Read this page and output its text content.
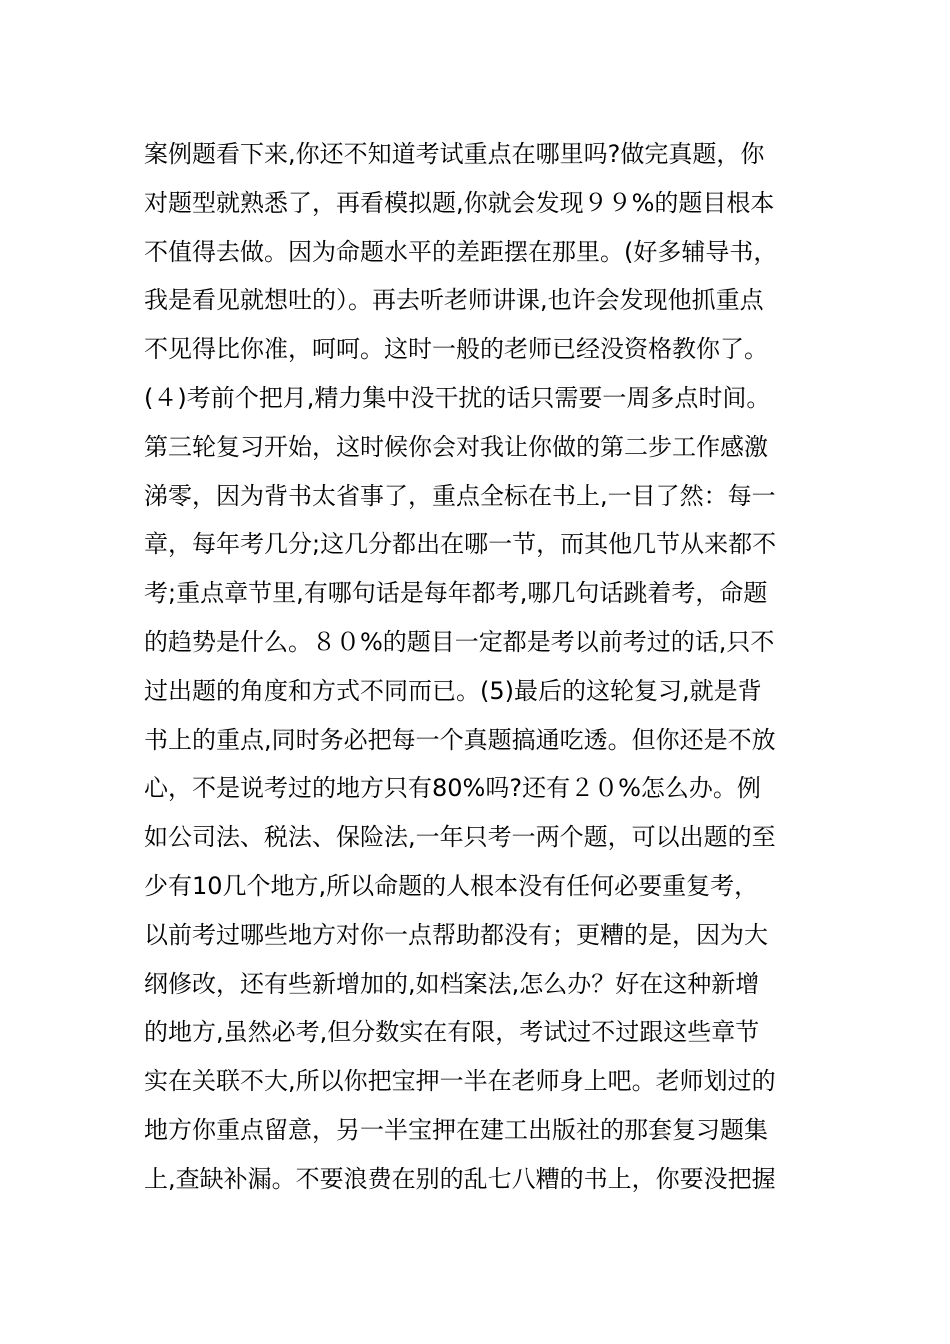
案例题看下来,你还不知道考试重点在哪里吗?做完真题，你
对题型就熟悉了，再看模拟题,你就会发现９９%的题目根本
不值得去做。因为命题水平的差距摆在那里。(好多辅导书，
我是看见就想吐的）。再去听老师讲课,也许会发现他抓重点
不见得比你准，呵呵。这时一般的老师已经没资格教你了。
(４)考前个把月,精力集中没干扰的话只需要一周多点时间。
第三轮复习开始，这时候你会对我让你做的第二步工作感激
涕零，因为背书太省事了，重点全标在书上,一目了然：每一
章，每年考几分;这几分都出在哪一节，而其他几节从来都不
考;重点章节里,有哪句话是每年都考,哪几句话跳着考，命题
的趋势是什么。８０%的题目一定都是考以前考过的话,只不
过出题的角度和方式不同而已。(5)最后的这轮复习,就是背
书上的重点,同时务必把每一个真题搞通吃透。但你还是不放
心，不是说考过的地方只有80%吗?还有２０%怎么办。例
如公司法、税法、保险法,一年只考一两个题，可以出题的至
少有10几个地方,所以命题的人根本没有任何必要重复考，
以前考过哪些地方对你一点帮助都没有；更糟的是，因为大
纲修改，还有些新增加的,如档案法,怎么办？好在这种新增
的地方,虽然必考,但分数实在有限，考试过不过跟这些章节
实在关联不大,所以你把宝押一半在老师身上吧。老师划过的
地方你重点留意，另一半宝押在建工出版社的那套复习题集
上,查缺补漏。不要浪费在别的乱七八糟的书上，你要没把握
